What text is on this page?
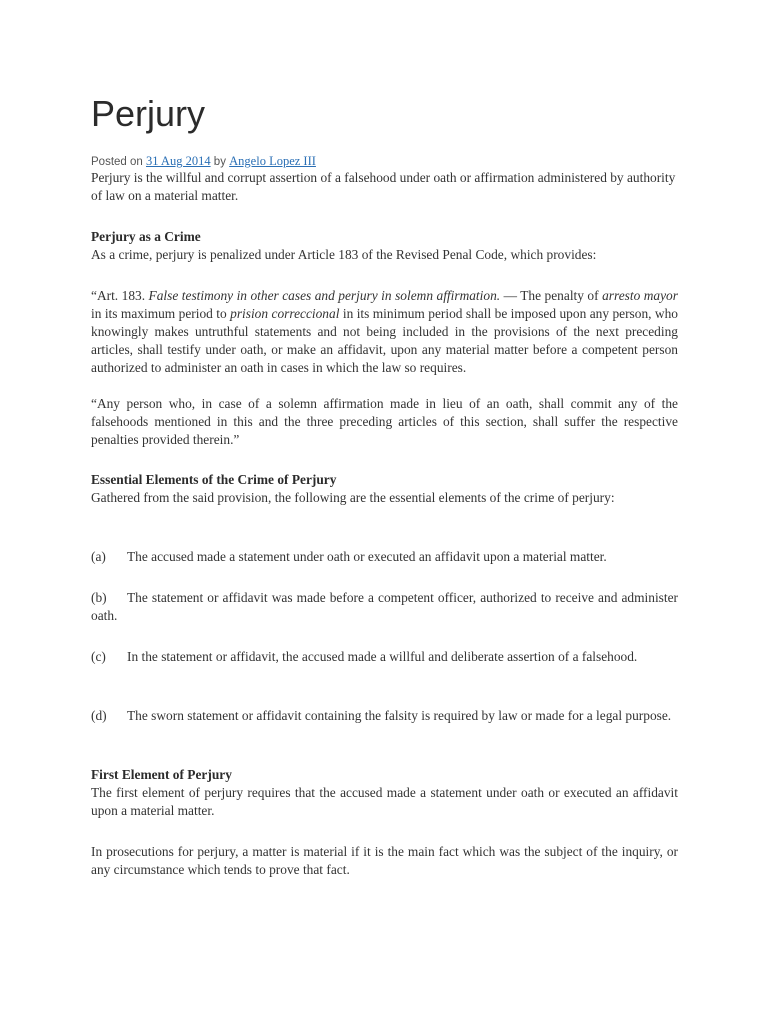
Perjury
Posted on 31 Aug 2014 by Angelo Lopez III

Perjury is the willful and corrupt assertion of a falsehood under oath or affirmation administered by authority of law on a material matter.

Perjury as a Crime

As a crime, perjury is penalized under Article 183 of the Revised Penal Code, which provides:

“Art. 183. False testimony in other cases and perjury in solemn affirmation. — The penalty of arresto mayor in its maximum period to prision correccional in its minimum period shall be imposed upon any person, who knowingly makes untruthful statements and not being included in the provisions of the next preceding articles, shall testify under oath, or make an affidavit, upon any material matter before a competent person authorized to administer an oath in cases in which the law so requires.

“Any person who, in case of a solemn affirmation made in lieu of an oath, shall commit any of the falsehoods mentioned in this and the three preceding articles of this section, shall suffer the respective penalties provided therein.”

Essential Elements of the Crime of Perjury

Gathered from the said provision, the following are the essential elements of the crime of perjury:

(a) The accused made a statement under oath or executed an affidavit upon a material matter.

(b) The statement or affidavit was made before a competent officer, authorized to receive and administer oath.

(c) In the statement or affidavit, the accused made a willful and deliberate assertion of a falsehood.

(d) The sworn statement or affidavit containing the falsity is required by law or made for a legal purpose.

First Element of Perjury

The first element of perjury requires that the accused made a statement under oath or executed an affidavit upon a material matter.

In prosecutions for perjury, a matter is material if it is the main fact which was the subject of the inquiry, or any circumstance which tends to prove that fact.
